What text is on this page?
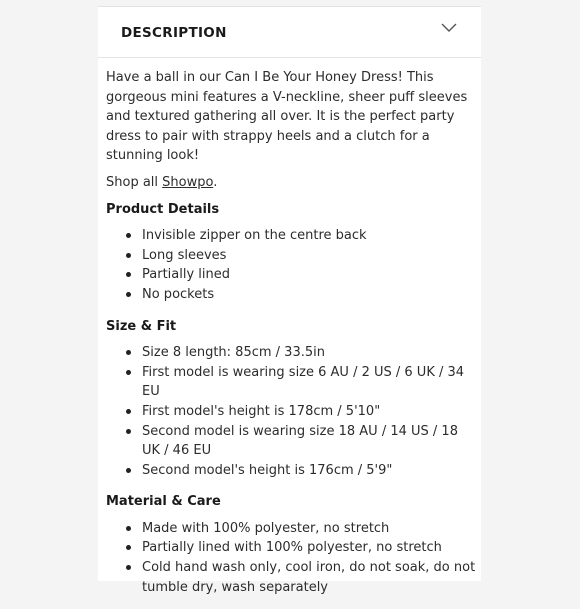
DESCRIPTION

Have a ball in our Can I Be Your Honey Dress! This gorgeous mini features a V-neckline, sheer puff sleeves and textured gathering all over. It is the perfect party dress to pair with strappy heels and a clutch for a stunning look!

Shop all Showpo.

Product Details
Invisible zipper on the centre back
Long sleeves
Partially lined
No pockets
Size & Fit
Size 8 length: 85cm / 33.5in
First model is wearing size 6 AU / 2 US / 6 UK / 34 EU
First model's height is 178cm / 5'10"
Second model is wearing size 18 AU / 14 US / 18 UK / 46 EU
Second model's height is 176cm / 5'9"
Material & Care
Made with 100% polyester, no stretch
Partially lined with 100% polyester, no stretch
Cold hand wash only, cool iron, do not soak, do not tumble dry, wash separately
